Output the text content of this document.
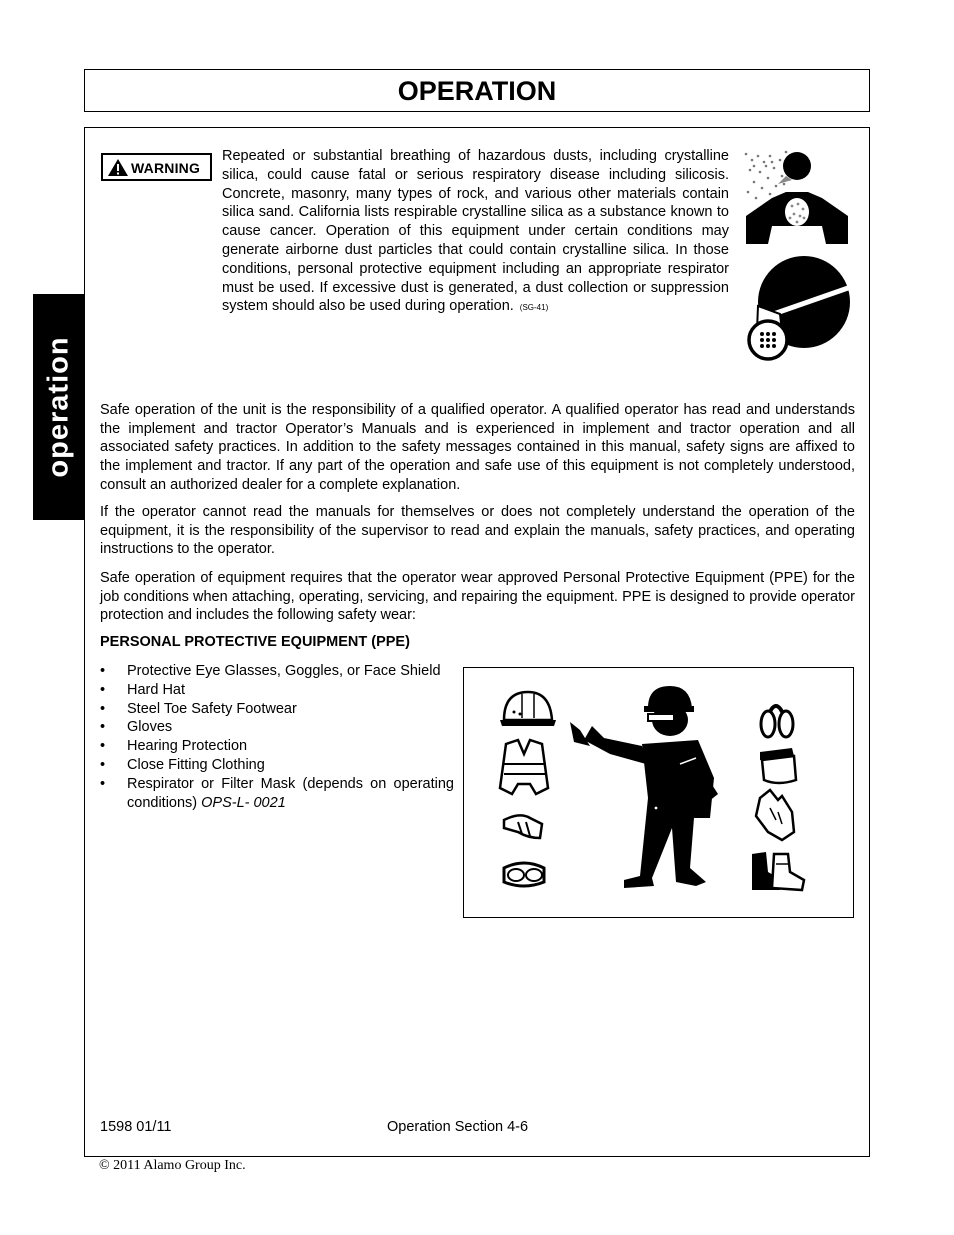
OPERATION
operation
WARNING
Repeated or substantial breathing of hazardous dusts, including crystalline silica, could cause fatal or serious respiratory disease including silicosis. Concrete, masonry, many types of rock, and various other materials contain silica sand. California lists respirable crystalline silica as a substance known to cause cancer. Operation of this equipment under certain conditions may generate airborne dust particles that could contain crystalline silica. In those conditions, personal protective equipment including an appropriate respirator must be used. If excessive dust is generated, a dust collection or suppression system should also be used during operation. (SG-41)
Safe operation of the unit is the responsibility of a qualified operator. A qualified operator has read and understands the implement and tractor Operator’s Manuals and is experienced in implement and tractor operation and all associated safety practices. In addition to the safety messages contained in this manual, safety signs are affixed to the implement and tractor. If any part of the operation and safe use of this equipment is not completely understood, consult an authorized dealer for a complete explanation.
If the operator cannot read the manuals for themselves or does not completely understand the operation of the equipment, it is the responsibility of the supervisor to read and explain the manuals, safety practices, and operating instructions to the operator.
Safe operation of equipment requires that the operator wear approved Personal Protective Equipment (PPE) for the job conditions when attaching, operating, servicing, and repairing the equipment. PPE is designed to provide operator protection and includes the following safety wear:
PERSONAL PROTECTIVE EQUIPMENT (PPE)
• Protective Eye Glasses, Goggles, or Face Shield
• Hard Hat
• Steel Toe Safety Footwear
• Gloves
• Hearing Protection
• Close Fitting Clothing
• Respirator or Filter Mask (depends on operating conditions) OPS-L- 0021
1598 01/11	Operation Section 4-6
© 2011 Alamo Group Inc.
